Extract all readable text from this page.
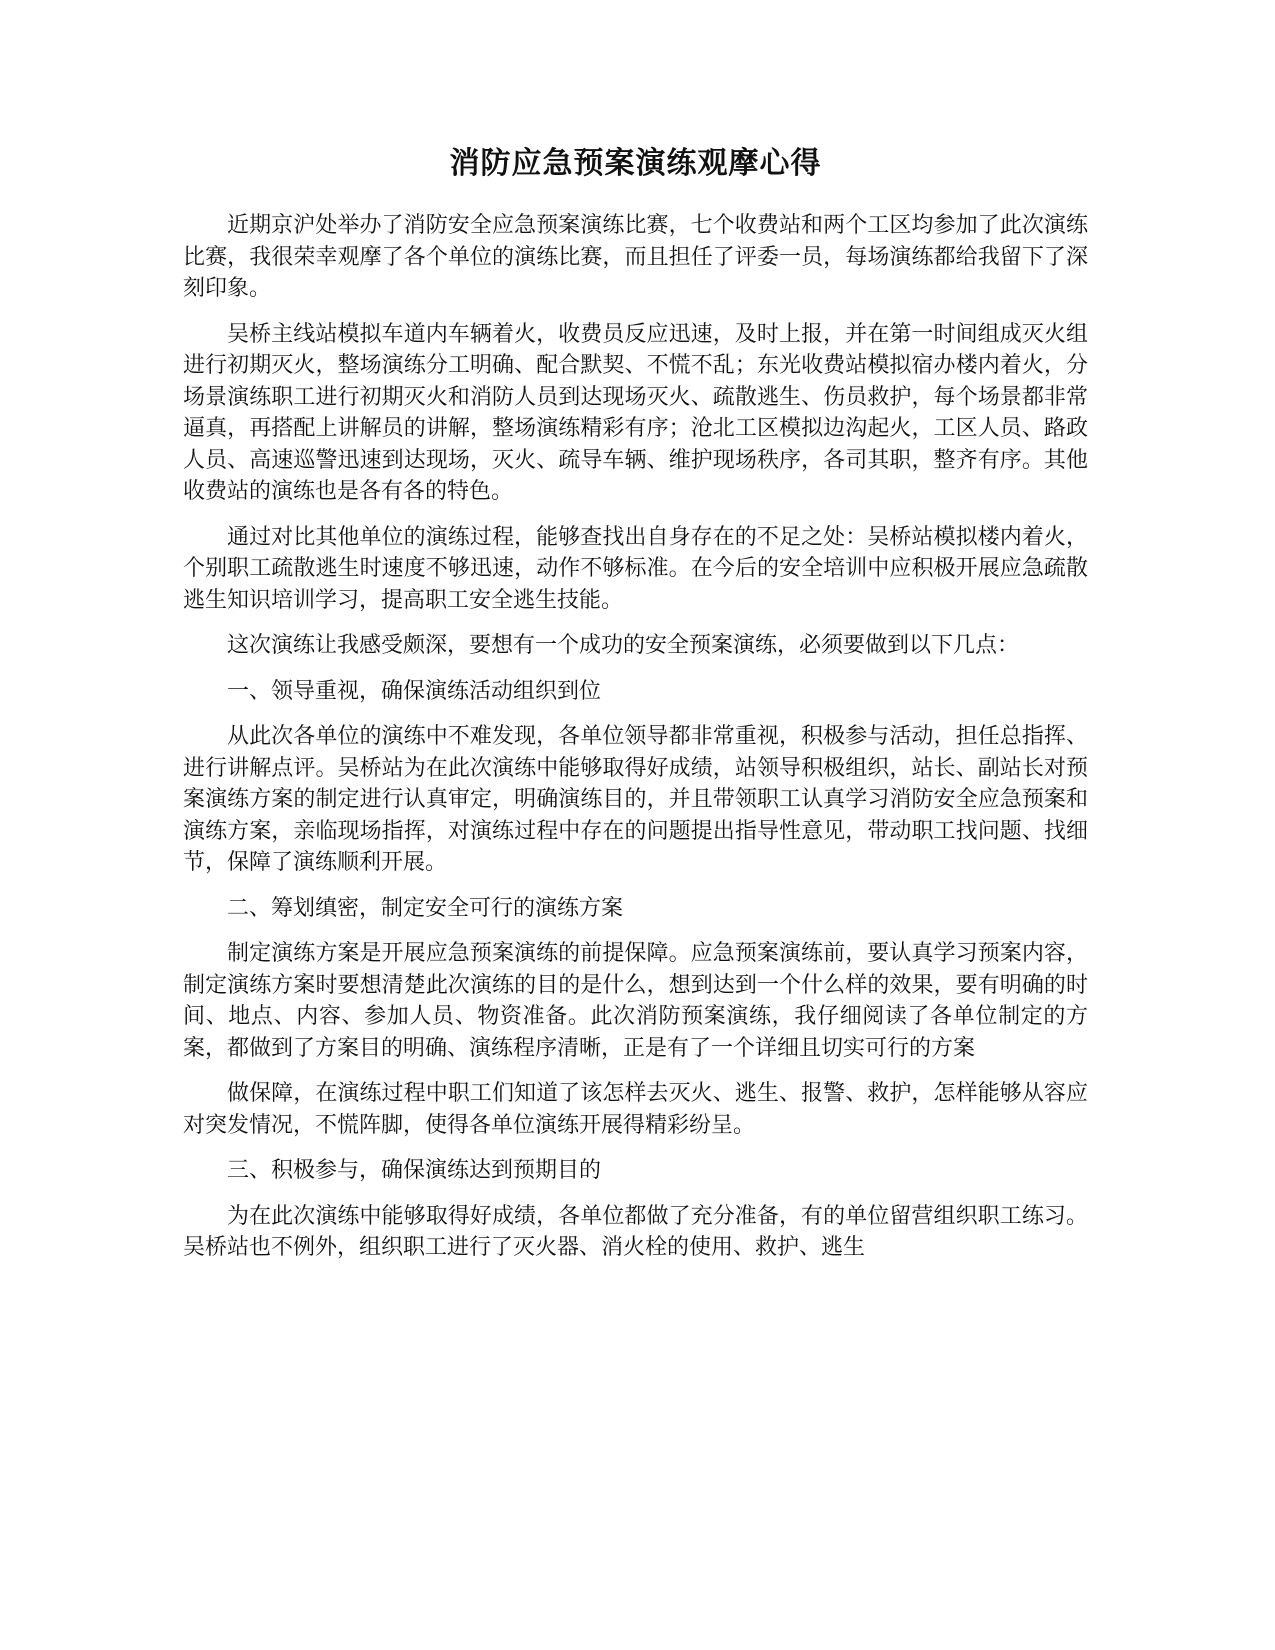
消防应急预案演练观摩心得

近期京沪处举办了消防安全应急预案演练比赛，七个收费站和两个工区均参加了此次演练比赛，我很荣幸观摩了各个单位的演练比赛，而且担任了评委一员，每场演练都给我留下了深刻印象。

吴桥主线站模拟车道内车辆着火，收费员反应迅速，及时上报，并在第一时间组成灭火组进行初期灭火，整场演练分工明确、配合默契、不慌不乱；东光收费站模拟宿办楼内着火，分场景演练职工进行初期灭火和消防人员到达现场灭火、疏散逃生、伤员救护，每个场景都非常逼真，再搭配上讲解员的讲解，整场演练精彩有序；沧北工区模拟边沟起火，工区人员、路政人员、高速巡警迅速到达现场，灭火、疏导车辆、维护现场秩序，各司其职，整齐有序。其他收费站的演练也是各有各的特色。

通过对比其他单位的演练过程，能够查找出自身存在的不足之处：吴桥站模拟楼内着火，个别职工疏散逃生时速度不够迅速，动作不够标准。在今后的安全培训中应积极开展应急疏散逃生知识培训学习，提高职工安全逃生技能。

这次演练让我感受颇深，要想有一个成功的安全预案演练，必须要做到以下几点：

一、领导重视，确保演练活动组织到位

从此次各单位的演练中不难发现，各单位领导都非常重视，积极参与活动，担任总指挥、进行讲解点评。吴桥站为在此次演练中能够取得好成绩，站领导积极组织，站长、副站长对预案演练方案的制定进行认真审定，明确演练目的，并且带领职工认真学习消防安全应急预案和演练方案，亲临现场指挥，对演练过程中存在的问题提出指导性意见，带动职工找问题、找细节，保障了演练顺利开展。

二、筹划缜密，制定安全可行的演练方案

制定演练方案是开展应急预案演练的前提保障。应急预案演练前，要认真学习预案内容，制定演练方案时要想清楚此次演练的目的是什么，想到达到一个什么样的效果，要有明确的时间、地点、内容、参加人员、物资准备。此次消防预案演练，我仔细阅读了各单位制定的方案，都做到了方案目的明确、演练程序清晰，正是有了一个详细且切实可行的方案

做保障，在演练过程中职工们知道了该怎样去灭火、逃生、报警、救护，怎样能够从容应对突发情况，不慌阵脚，使得各单位演练开展得精彩纷呈。

三、积极参与，确保演练达到预期目的

为在此次演练中能够取得好成绩，各单位都做了充分准备，有的单位留营组织职工练习。吴桥站也不例外，组织职工进行了灭火器、消火栓的使用、救护、逃生
